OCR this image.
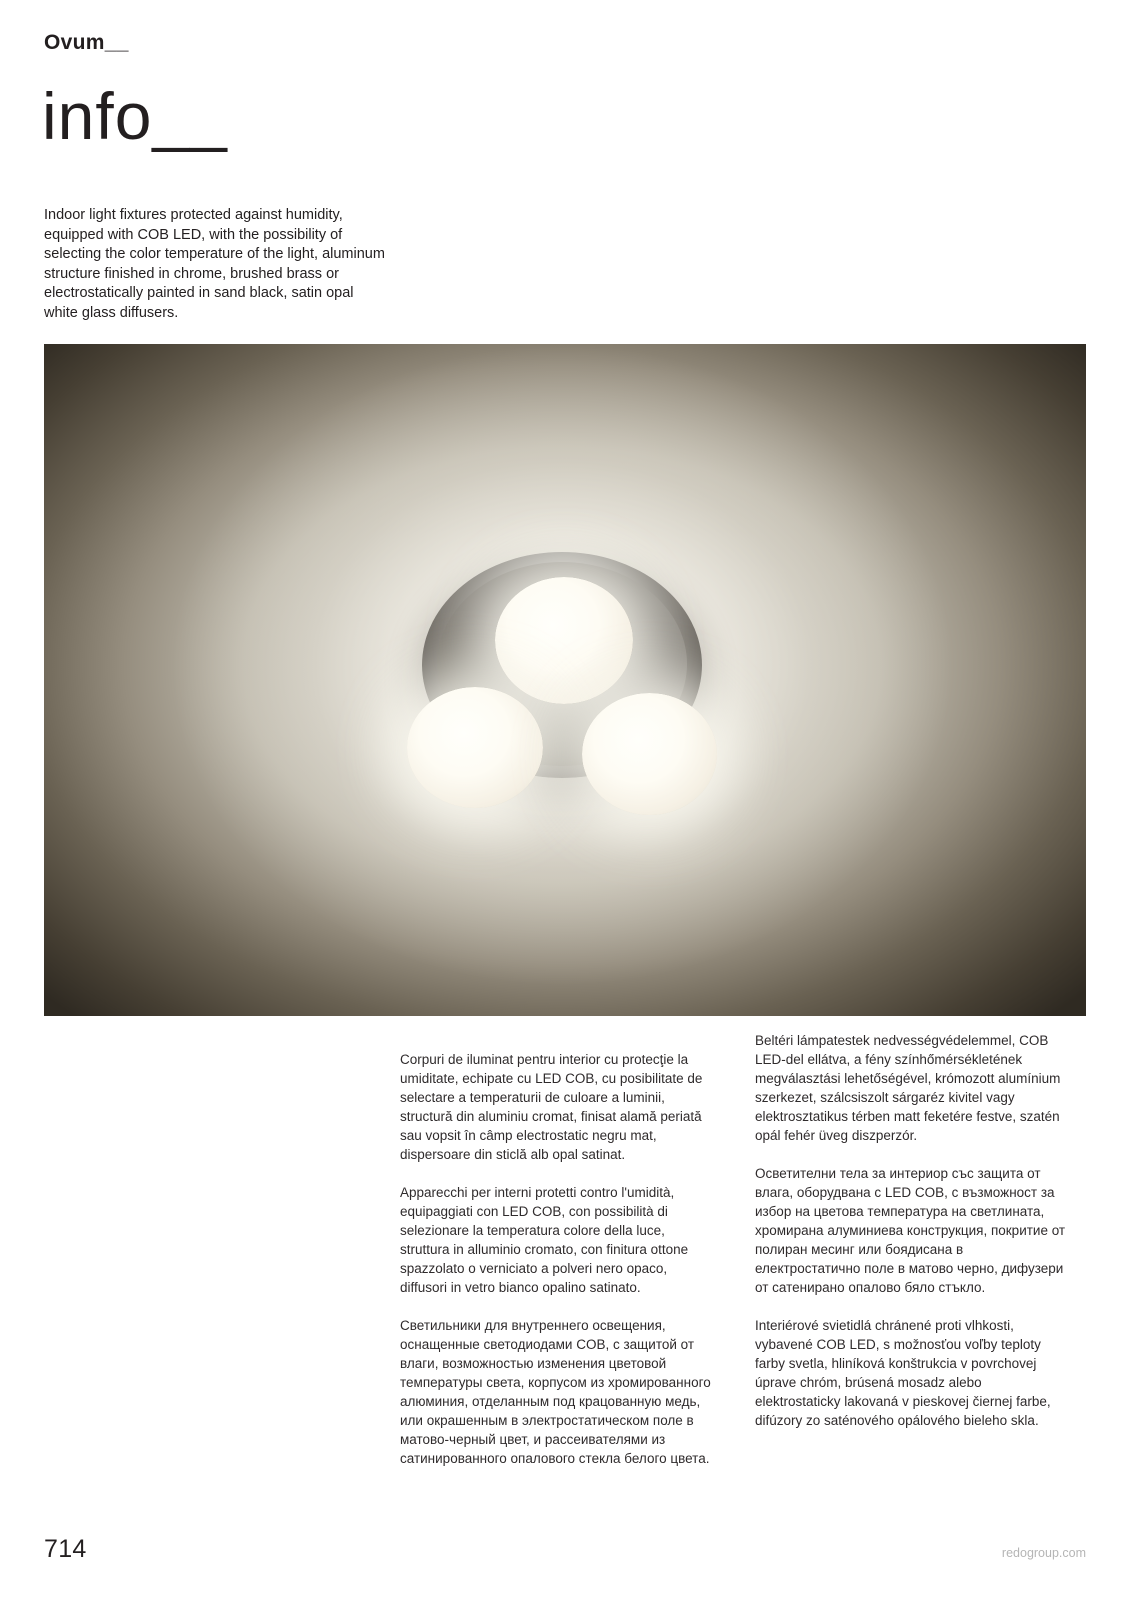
Ovum__
info__

Indoor light fixtures protected against humidity, equipped with COB LED, with the possibility of selecting the color temperature of the light, aluminum structure finished in chrome, brushed brass or electrostatically painted in sand black, satin opal white glass diffusers.

Corpuri de iluminat pentru interior cu protecţie la umiditate, echipate cu LED COB, cu posibilitate de selectare a temperaturii de culoare a luminii, structură din aluminiu cromat, finisat alamă periată sau vopsit în câmp electrostatic negru mat, dispersoare din sticlă alb opal satinat.

Apparecchi per interni protetti contro l'umidità, equipaggiati con LED COB, con possibilità di selezionare la temperatura colore della luce, struttura in alluminio cromato, con finitura ottone spazzolato o verniciato a polveri nero opaco, diffusori in vetro bianco opalino satinato.

Светильники для внутреннего освещения, оснащенные светодиодами COB, с защитой от влаги, возможностью изменения цветовой температуры света, корпусом из хромированного алюминия, отделанным под крацованную медь, или окрашенным в электростатическом поле в матово-черный цвет, и рассеивателями из сатинированного опалового стекла белого цвета.

Beltéri lámpatestek nedvességvédelemmel, COB LED-del ellátva, a fény színhőmérsékletének megválasztási lehetőségével, krómozott alumínium szerkezet, szálcsiszolt sárgaréz kivitel vagy elektrosztatikus térben matt feketére festve, szatén opál fehér üveg diszperzór.

Осветителни тела за интериор със защита от влага, оборудвана с LED COB, с възможност за избор на цветова температура на светлината, хромирана алуминиева конструкция, покритие от полиран месинг или боядисана в електростатично поле в матово черно, дифузери от сатенирано опалово бяло стъкло.

Interiérové svietidlá chránené proti vlhkosti, vybavené COB LED, s možnosťou voľby teploty farby svetla, hliníková konštrukcia v povrchovej úprave chróm, brúsená mosadz alebo elektrostaticky lakovaná v pieskovej čiernej farbe, difúzory zo saténového opálového bieleho skla.

714	redogroup.com
